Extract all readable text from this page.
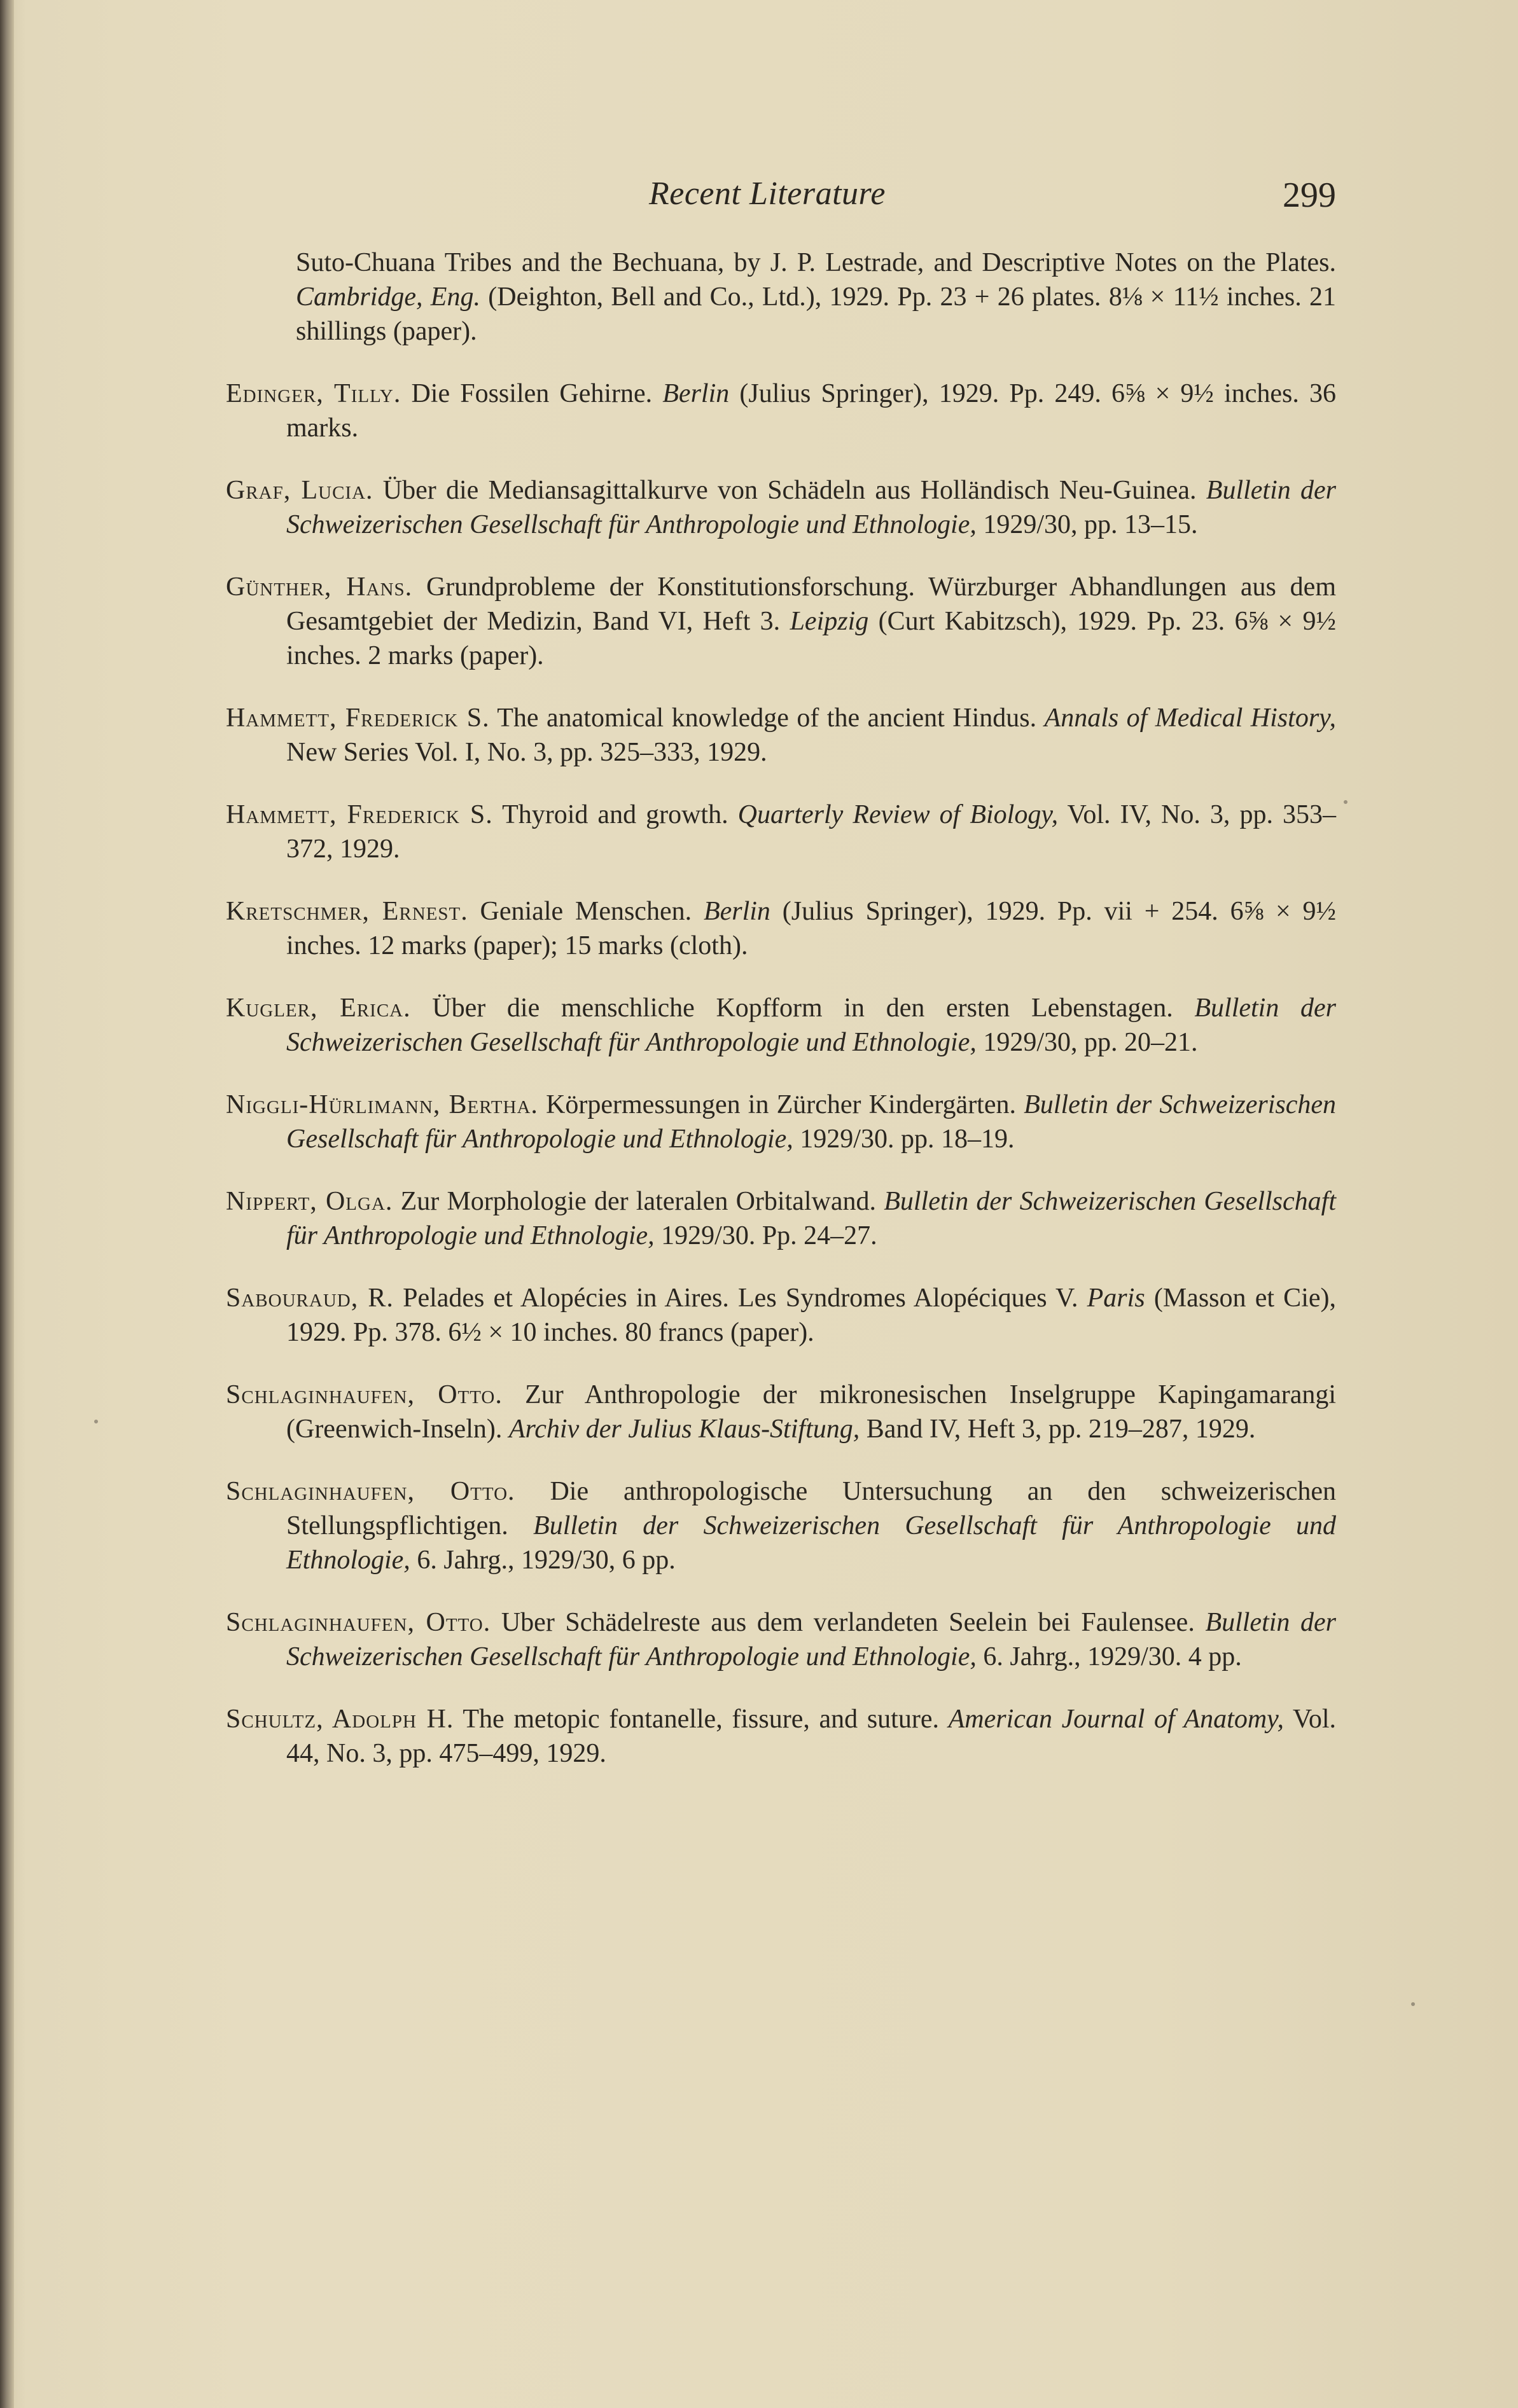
Recent Literature	299

Suto-Chuana Tribes and the Bechuana, by J. P. Lestrade, and Descriptive Notes on the Plates. Cambridge, Eng. (Deighton, Bell and Co., Ltd.), 1929. Pp. 23 + 26 plates. 8⅛ × 11½ inches. 21 shillings (paper).

Edinger, Tilly. Die Fossilen Gehirne. Berlin (Julius Springer), 1929. Pp. 249. 6⅝ × 9½ inches. 36 marks.

Graf, Lucia. Über die Mediansagittalkurve von Schädeln aus Holländisch Neu-Guinea. Bulletin der Schweizerischen Gesellschaft für Anthropologie und Ethnologie, 1929/30, pp. 13–15.

Günther, Hans. Grundprobleme der Konstitutionsforschung. Würzburger Abhandlungen aus dem Gesamtgebiet der Medizin, Band VI, Heft 3. Leipzig (Curt Kabitzsch), 1929. Pp. 23. 6⅝ × 9½ inches. 2 marks (paper).

Hammett, Frederick S. The anatomical knowledge of the ancient Hindus. Annals of Medical History, New Series Vol. I, No. 3, pp. 325–333, 1929.

Hammett, Frederick S. Thyroid and growth. Quarterly Review of Biology, Vol. IV, No. 3, pp. 353–372, 1929.

Kretschmer, Ernest. Geniale Menschen. Berlin (Julius Springer), 1929. Pp. vii + 254. 6⅝ × 9½ inches. 12 marks (paper); 15 marks (cloth).

Kugler, Erica. Über die menschliche Kopfform in den ersten Lebenstagen. Bulletin der Schweizerischen Gesellschaft für Anthropologie und Ethnologie, 1929/30, pp. 20–21.

Niggli-Hürlimann, Bertha. Körpermessungen in Zürcher Kindergärten. Bulletin der Schweizerischen Gesellschaft für Anthropologie und Ethnologie, 1929/30. pp. 18–19.

Nippert, Olga. Zur Morphologie der lateralen Orbitalwand. Bulletin der Schweizerischen Gesellschaft für Anthropologie und Ethnologie, 1929/30. Pp. 24–27.

Sabouraud, R. Pelades et Alopécies in Aires. Les Syndromes Alopéciques V. Paris (Masson et Cie), 1929. Pp. 378. 6½ × 10 inches. 80 francs (paper).

Schlaginhaufen, Otto. Zur Anthropologie der mikronesischen Inselgruppe Kapingamarangi (Greenwich-Inseln). Archiv der Julius Klaus-Stiftung, Band IV, Heft 3, pp. 219–287, 1929.

Schlaginhaufen, Otto. Die anthropologische Untersuchung an den schweizerischen Stellungspflichtigen. Bulletin der Schweizerischen Gesellschaft für Anthropologie und Ethnologie, 6. Jahrg., 1929/30, 6 pp.

Schlaginhaufen, Otto. Uber Schädelreste aus dem verlandeten Seelein bei Faulensee. Bulletin der Schweizerischen Gesellschaft für Anthropologie und Ethnologie, 6. Jahrg., 1929/30. 4 pp.

Schultz, Adolph H. The metopic fontanelle, fissure, and suture. American Journal of Anatomy, Vol. 44, No. 3, pp. 475–499, 1929.
